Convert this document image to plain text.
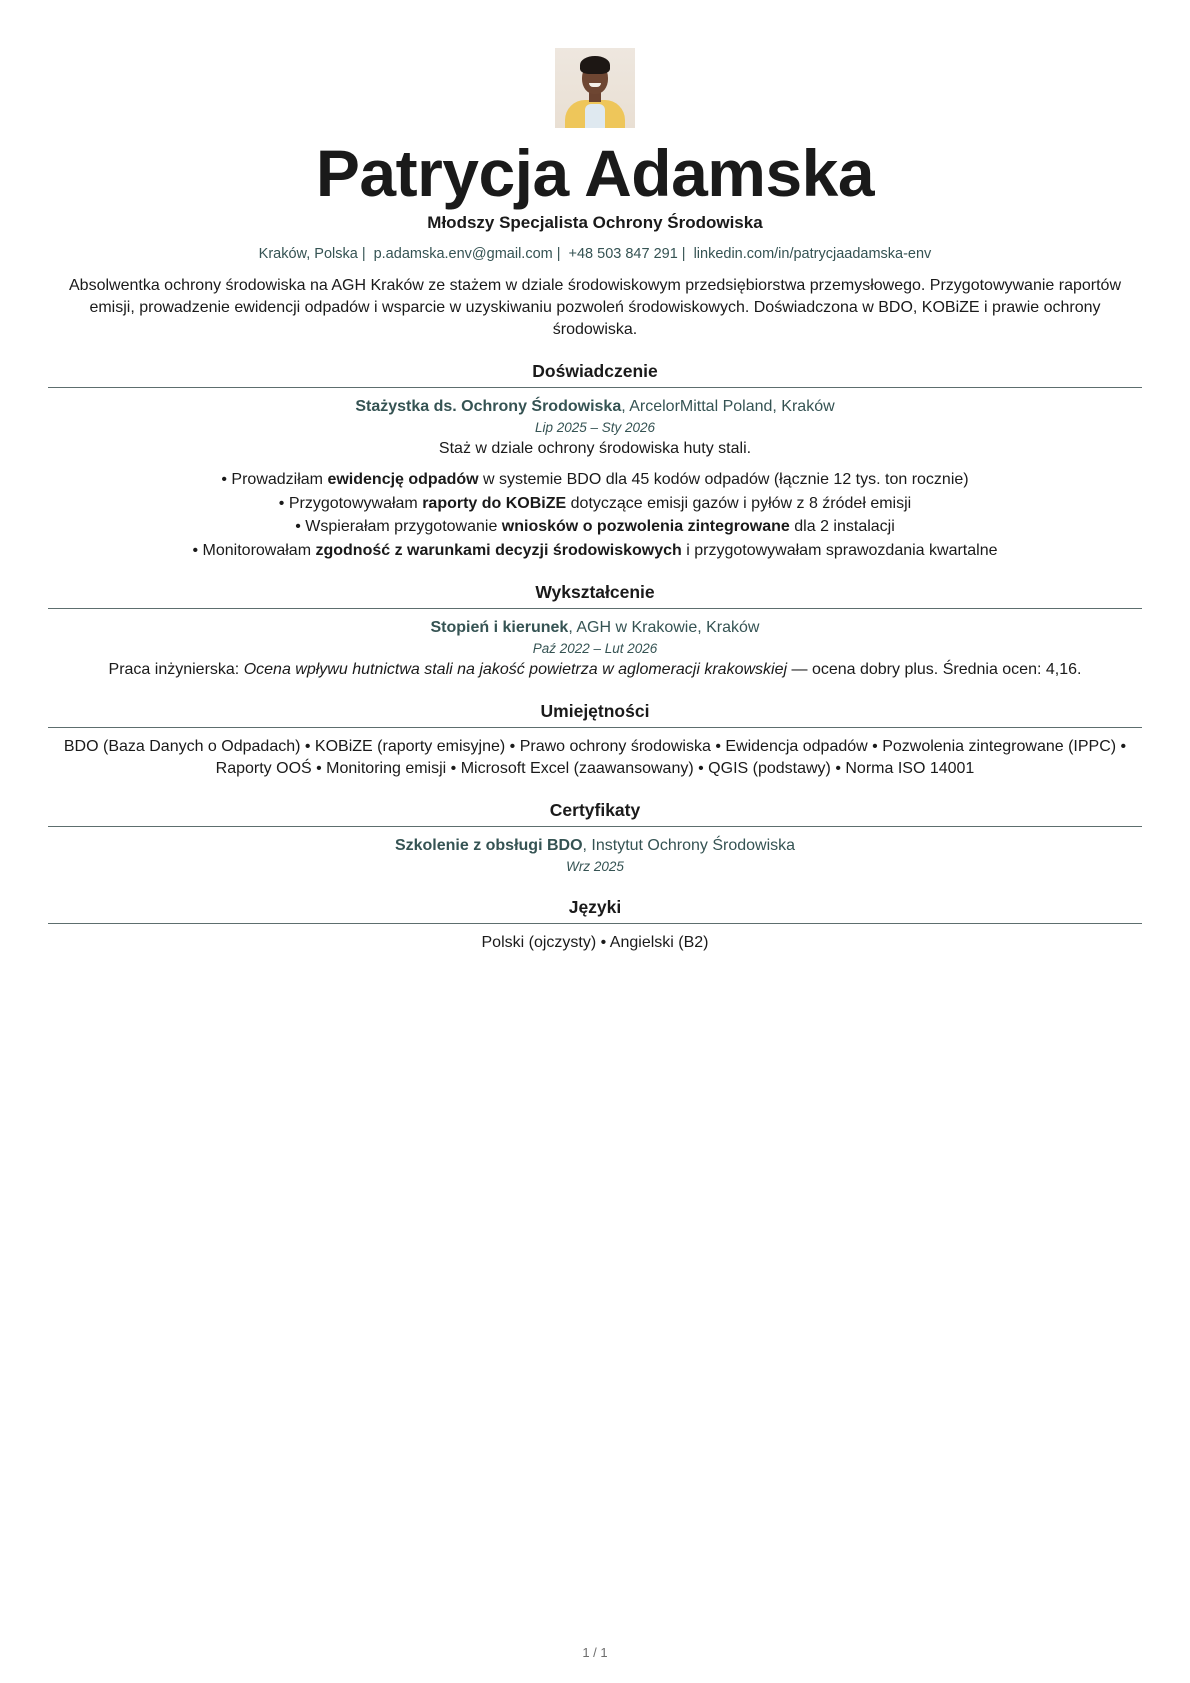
Patrycja Adamska
Młodszy Specjalista Ochrony Środowiska
Kraków, Polska | p.adamska.env@gmail.com | +48 503 847 291 | linkedin.com/in/patrycjaadamska-env

Absolwentka ochrony środowiska na AGH Kraków ze stażem w dziale środowiskowym przedsiębiorstwa przemysłowego. Przygotowywanie raportów emisji, prowadzenie ewidencji odpadów i wsparcie w uzyskiwaniu pozwoleń środowiskowych. Doświadczona w BDO, KOBiZE i prawie ochrony środowiska.

Doświadczenie
Stażystka ds. Ochrony Środowiska, ArcelorMittal Poland, Kraków
Lip 2025 – Sty 2026
Staż w dziale ochrony środowiska huty stali.
• Prowadziłam ewidencję odpadów w systemie BDO dla 45 kodów odpadów (łącznie 12 tys. ton rocznie)
• Przygotowywałam raporty do KOBiZE dotyczące emisji gazów i pyłów z 8 źródeł emisji
• Wspierałam przygotowanie wniosków o pozwolenia zintegrowane dla 2 instalacji
• Monitorowałam zgodność z warunkami decyzji środowiskowych i przygotowywałam sprawozdania kwartalne
Wykształcenie
Stopień i kierunek, AGH w Krakowie, Kraków
Paź 2022 – Lut 2026
Praca inżynierska: Ocena wpływu hutnictwa stali na jakość powietrza w aglomeracji krakowskiej — ocena dobry plus. Średnia ocen: 4,16.
Umiejętności
BDO (Baza Danych o Odpadach) • KOBiZE (raporty emisyjne) • Prawo ochrony środowiska • Ewidencja odpadów • Pozwolenia zintegrowane (IPPC) • Raporty OOŚ • Monitoring emisji • Microsoft Excel (zaawansowany) • QGIS (podstawy) • Norma ISO 14001
Certyfikaty
Szkolenie z obsługi BDO, Instytut Ochrony Środowiska
Wrz 2025
Języki
Polski (ojczysty) • Angielski (B2)
1 / 1
